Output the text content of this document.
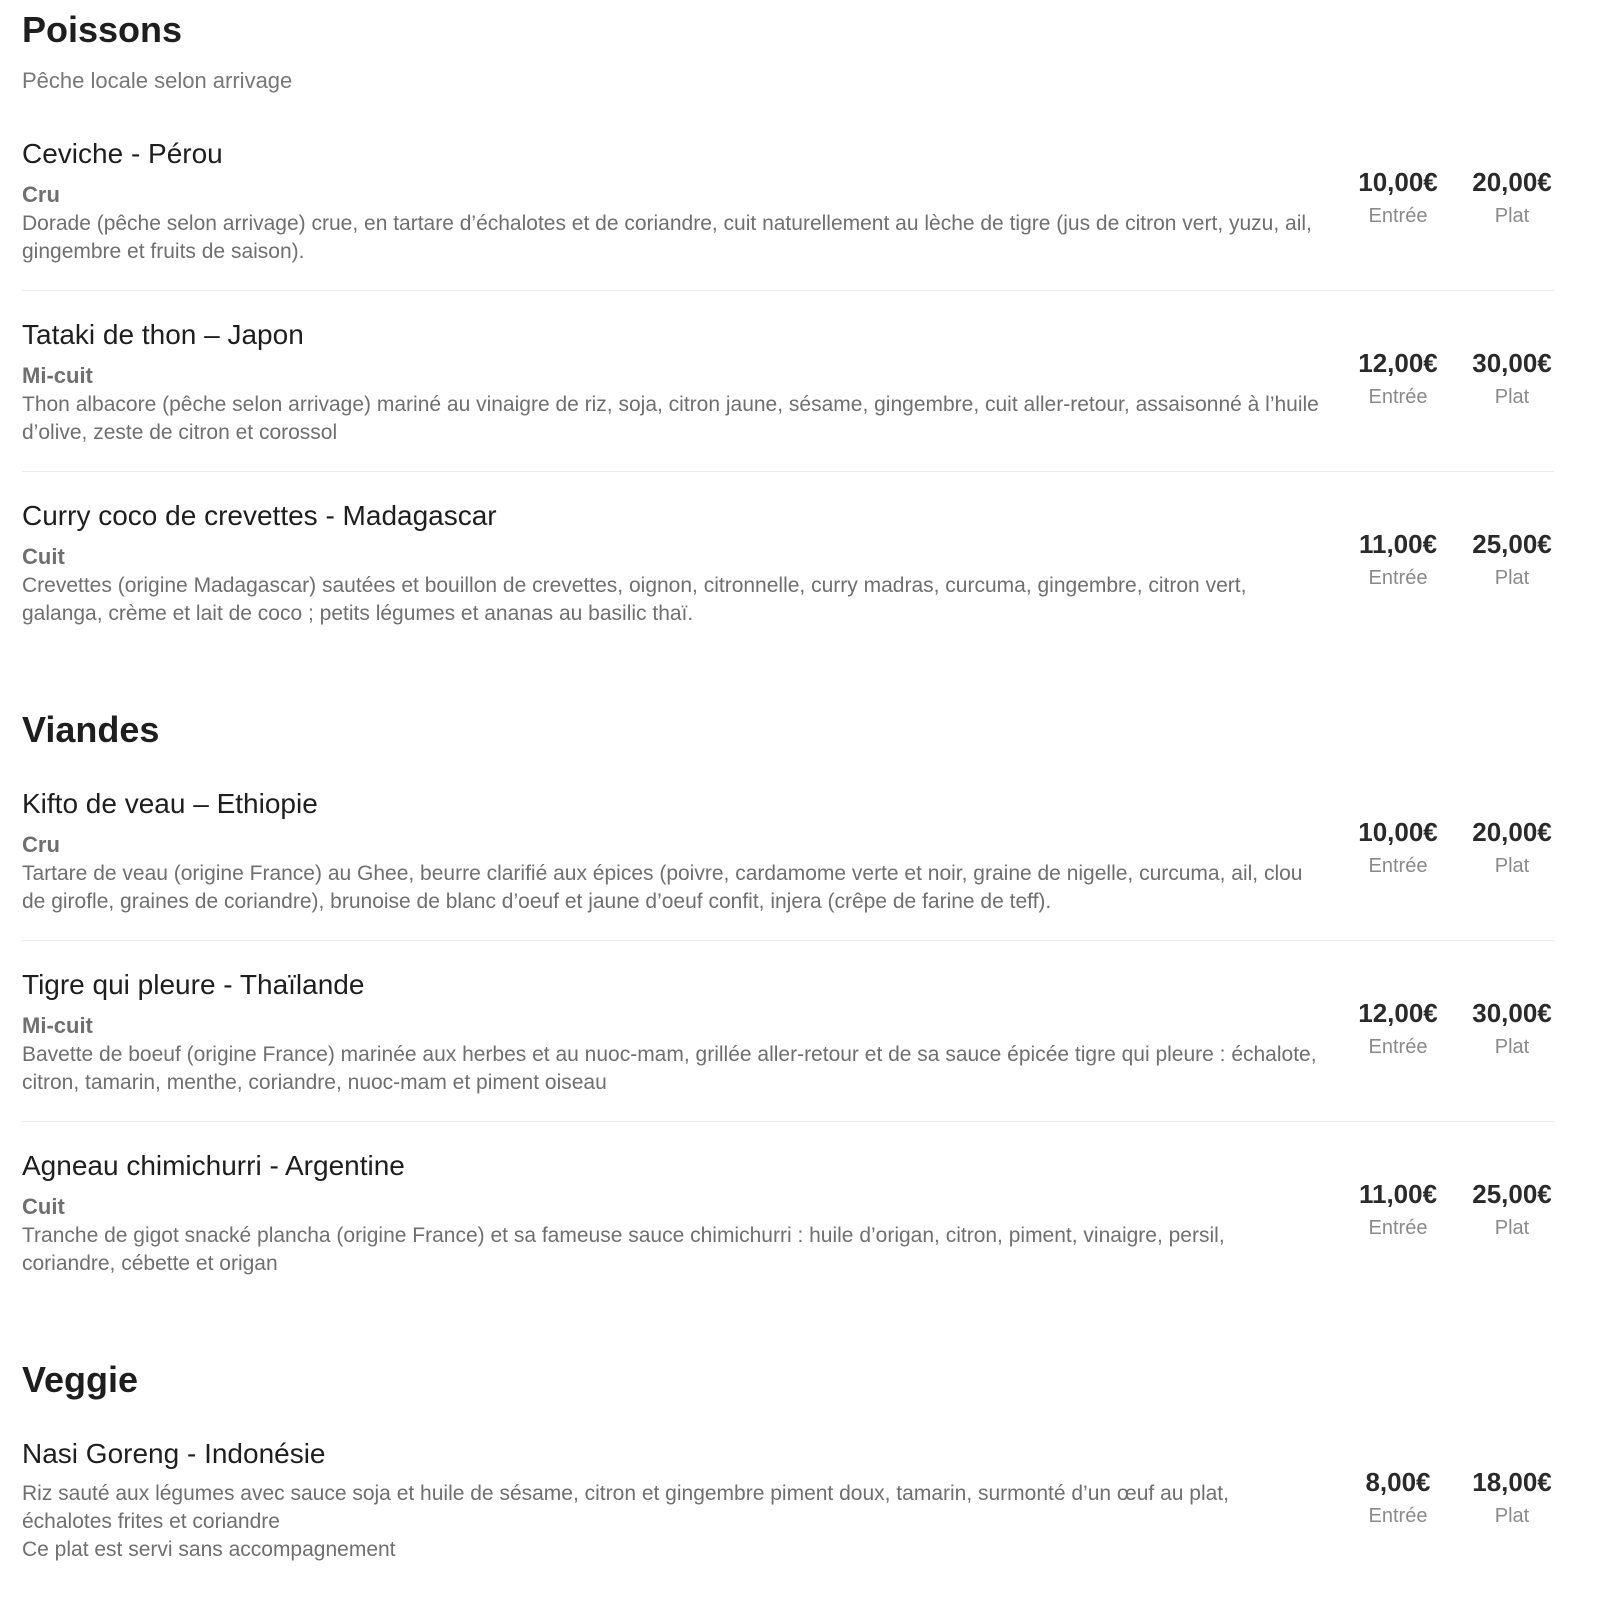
Poissons

Pêche locale selon arrivage

Ceviche - Pérou

Cru

Dorade (pêche selon arrivage) crue, en tartare d’échalotes et de coriandre, cuit naturellement au lèche de tigre (jus de citron vert, yuzu, ail, gingembre et fruits de saison).

10,00€
Entrée
20,00€
Plat

Tataki de thon – Japon

Mi-cuit

Thon albacore (pêche selon arrivage) mariné au vinaigre de riz, soja, citron jaune, sésame, gingembre, cuit aller-retour, assaisonné à l’huile d’olive, zeste de citron et corossol

12,00€
Entrée
30,00€
Plat

Curry coco de crevettes - Madagascar

Cuit

Crevettes (origine Madagascar) sautées et bouillon de crevettes, oignon, citronnelle, curry madras, curcuma, gingembre, citron vert, galanga, crème et lait de coco ; petits légumes et ananas au basilic thaï.

11,00€
Entrée
25,00€
Plat
Viandes

Kifto de veau – Ethiopie

Cru

Tartare de veau (origine France) au Ghee, beurre clarifié aux épices (poivre, cardamome verte et noir, graine de nigelle, curcuma, ail, clou de girofle, graines de coriandre), brunoise de blanc d’oeuf et jaune d’oeuf confit, injera (crêpe de farine de teff).

10,00€
Entrée
20,00€
Plat

Tigre qui pleure - Thaïlande

Mi-cuit

Bavette de boeuf (origine France) marinée aux herbes et au nuoc-mam, grillée aller-retour et de sa sauce épicée tigre qui pleure : échalote, citron, tamarin, menthe, coriandre, nuoc-mam et piment oiseau

12,00€
Entrée
30,00€
Plat

Agneau chimichurri - Argentine

Cuit

Tranche de gigot snacké plancha (origine France) et sa fameuse sauce chimichurri : huile d’origan, citron, piment, vinaigre, persil, coriandre, cébette et origan

11,00€
Entrée
25,00€
Plat
Veggie

Nasi Goreng - Indonésie

Riz sauté aux légumes avec sauce soja et huile de sésame, citron et gingembre piment doux, tamarin, surmonté d’un œuf au plat, échalotes frites et coriandre

Ce plat est servi sans accompagnement

8,00€
Entrée
18,00€
Plat
